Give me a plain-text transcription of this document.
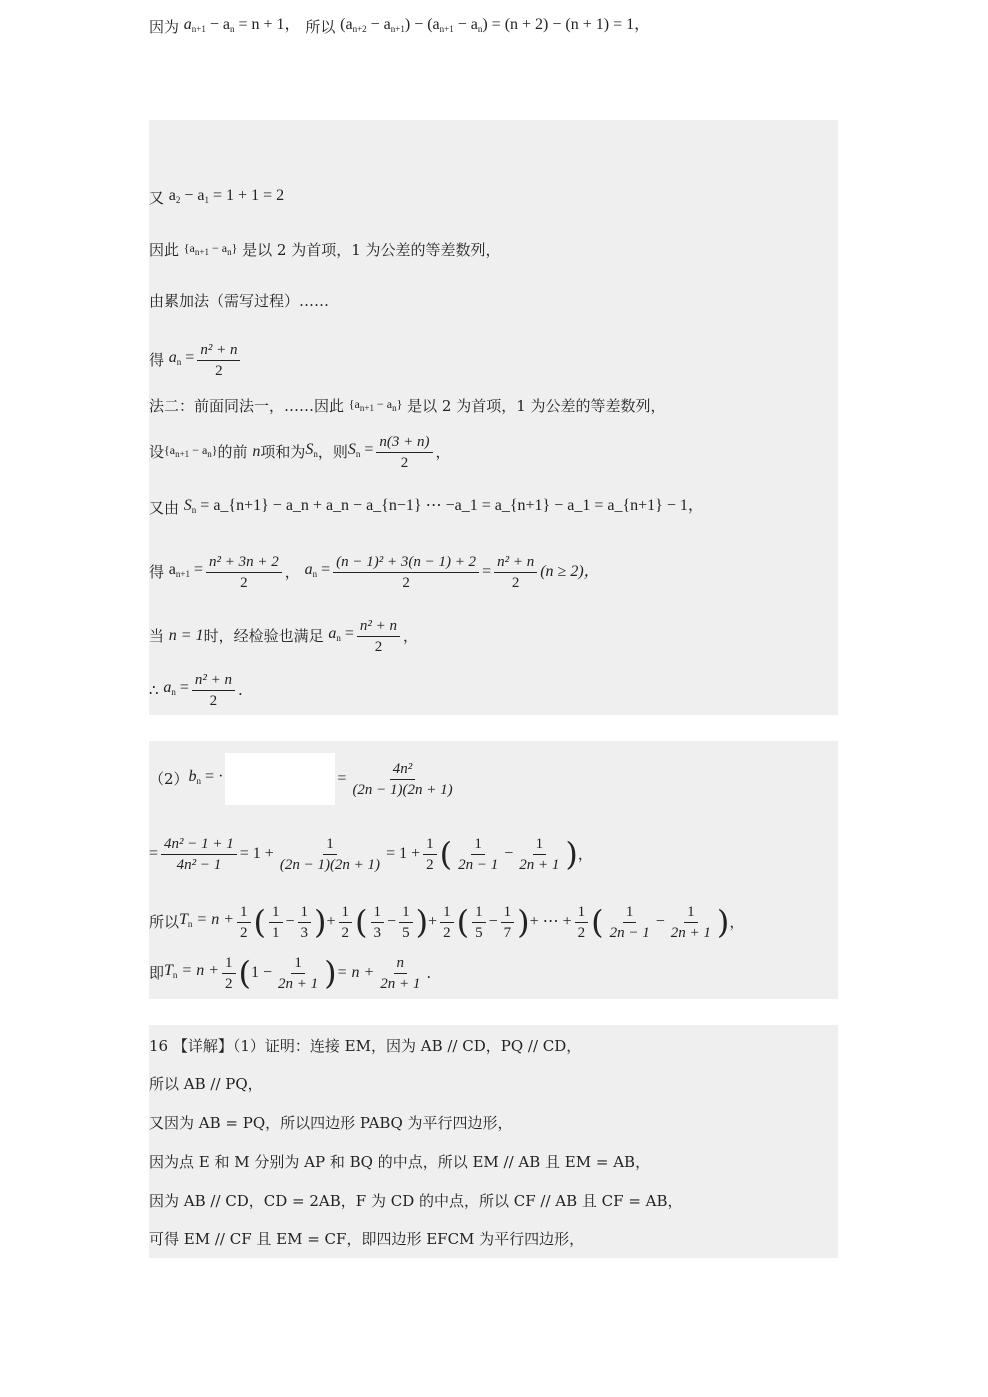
因为 $a_{n+1} - a_n = n + 1$， 所以 $(a_{n+2} - a_{n+1}) - (a_{n+1} - a_n) = (n + 2) - (n + 1) = 1$，
又 $a_2 - a_1 = 1 + 1 = 2$
因此 $\{a_{n+1} - a_n\}$ 是以 2 为首项，1 为公差的等差数列，
由累加法（需写过程）……
得
$a_n = \frac{\text{n² + n}}{2}$
法二：前面同法一，……因此 $\{a_{n+1} - a_n\}$ 是以 2 为首项，1 为公差的等差数列，
设 $\{a_{n+1} - a_n\}$ 的前
n 项和为 $S_n$ ，则 $S_n = \frac{n(3 + n)}{2}$ ，
又由 $S_n$ = a_{n+1} − a_n + a_n − a_{n−1} ⋯ −a_1 = a_{n+1} − a_1 = a_{n+1} − 1，
得
$a_{n+1} = \frac{\text{n² + 3n + 2}}{2}$ ，
$a_n = \frac{\text{(n − 1)² + 3(n − 1) + 2}}{2} = \frac{\text{n² + n}}{2} (n \ge 2)$，
当
n = 1 时，经检验也满足
$a_n = \frac{\text{n² + n}}{2}$ ，
∴
$a_n = \frac{\text{n² + n}}{2}$ .
（2） $b_n$ = ·	= $\frac{\text{4n²}}{(2n - 1)(2n + 1)}$
= $\frac{\text{4n² − 1 + 1}}{\text{4n² − 1}} = 1 + \frac{1}{(2n - 1)(2n + 1)} = 1 + \frac{1}{2}$ ( $\frac{1}{2n - 1} - \frac{1}{2n + 1}$ ) ，
所以 $T_n = n + \frac{1}{2}$ ( $\frac{1}{1} - \frac{1}{3}$ ) + $\frac{1}{2}$ ( $\frac{1}{3} - \frac{1}{5}$ ) + $\frac{1}{2}$ ( $\frac{1}{5} - \frac{1}{7}$ ) + ⋯ + $\frac{1}{2}$ ( $\frac{1}{2n - 1} - \frac{1}{2n + 1}$ ) ，
即 $T_n = n + \frac{1}{2}$ ( $1 - \frac{1}{2n + 1}$ ) = $n + \frac{n}{2n + 1}$ .
16 【详解】（1）证明：连接 EM，因为 AB // CD，PQ // CD，
所以 AB // PQ，
又因为 AB = PQ，所以四边形 PABQ 为平行四边形，
因为点 E 和 M 分别为 AP 和 BQ 的中点，所以 EM // AB 且 EM = AB，
因为 AB // CD，CD = 2AB，F 为 CD 的中点，所以 CF // AB 且 CF = AB，
可得 EM // CF 且 EM = CF，即四边形 EFCM 为平行四边形，
